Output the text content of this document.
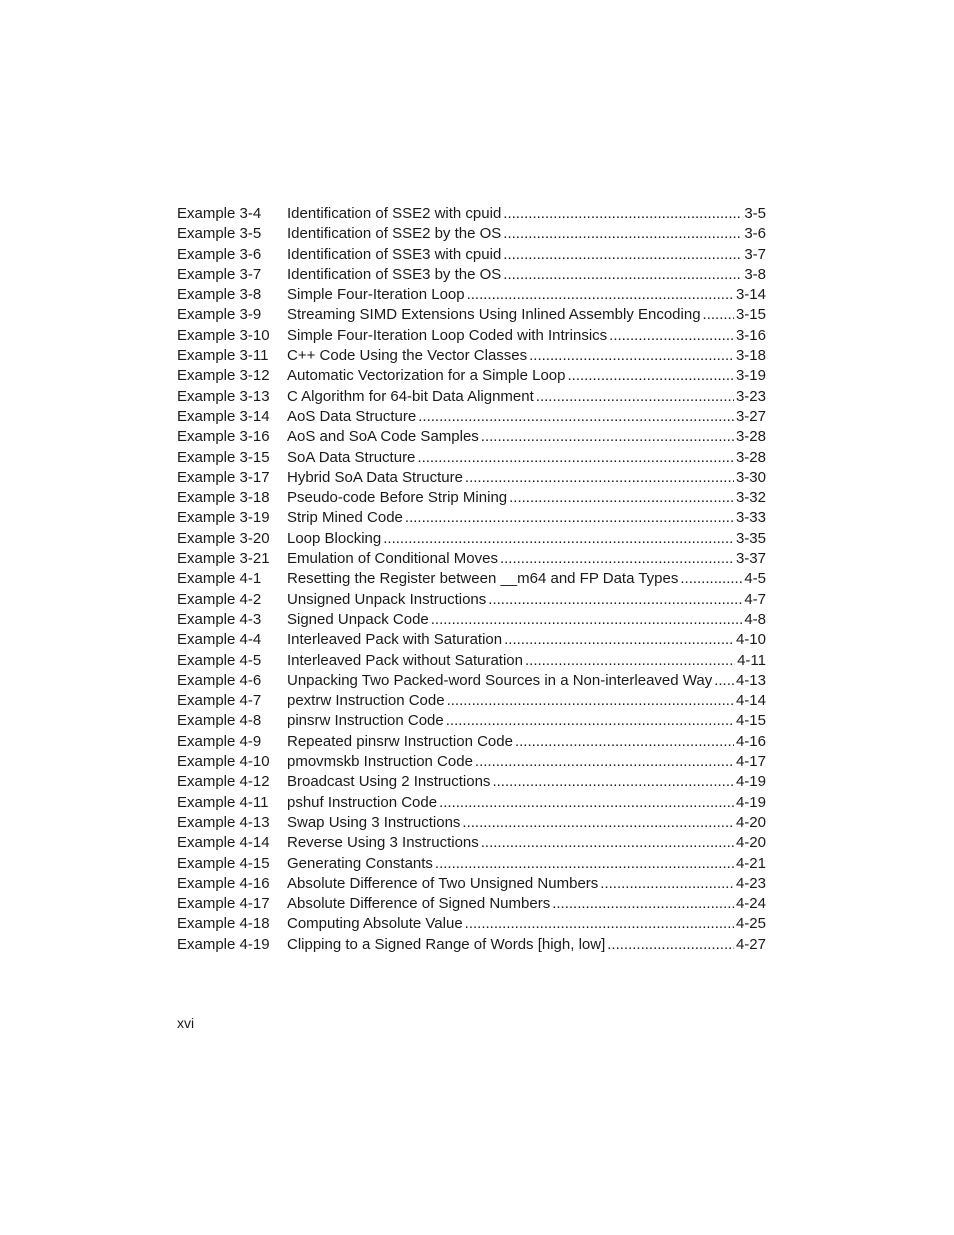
Example 3-4	Identification of SSE2 with cpuid .....	3-5
Example 3-5	Identification of SSE2 by the OS .....	3-6
Example 3-6	Identification of SSE3 with cpuid .....	3-7
Example 3-7	Identification of SSE3 by the OS .....	3-8
Example 3-8	Simple Four-Iteration Loop .....	3-14
Example 3-9	Streaming SIMD Extensions Using Inlined Assembly Encoding ..... 3-15
Example 3-10	Simple Four-Iteration Loop Coded with Intrinsics .....	3-16
Example 3-11	C++ Code Using the Vector Classes .....	3-18
Example 3-12	Automatic Vectorization for a Simple Loop .....	3-19
Example 3-13	C Algorithm for 64-bit Data Alignment .....	3-23
Example 3-14	AoS Data Structure .....	3-27
Example 3-16	AoS and SoA Code Samples .....	3-28
Example 3-15	SoA Data Structure .....	3-28
Example 3-17	Hybrid SoA Data Structure .....	3-30
Example 3-18	Pseudo-code Before Strip Mining .....	3-32
Example 3-19	Strip Mined Code .....	3-33
Example 3-20	Loop Blocking .....	3-35
Example 3-21	Emulation of Conditional Moves .....	3-37
Example 4-1	Resetting the Register between __m64 and FP Data Types .....	4-5
Example 4-2	Unsigned Unpack Instructions .....	4-7
Example 4-3	Signed Unpack Code .....	4-8
Example 4-4	Interleaved Pack with Saturation .....	4-10
Example 4-5	Interleaved Pack without Saturation .....	4-11
Example 4-6	Unpacking Two Packed-word Sources in a Non-interleaved Way ..... 4-13
Example 4-7	pextrw Instruction Code .....	4-14
Example 4-8	pinsrw Instruction Code .....	4-15
Example 4-9	Repeated pinsrw Instruction Code .....	4-16
Example 4-10	pmovmskb Instruction Code .....	4-17
Example 4-12	Broadcast Using 2 Instructions .....	4-19
Example 4-11	pshuf Instruction Code .....	4-19
Example 4-13	Swap Using 3 Instructions .....	4-20
Example 4-14	Reverse Using 3 Instructions .....	4-20
Example 4-15	Generating Constants .....	4-21
Example 4-16	Absolute Difference of Two Unsigned Numbers .....	4-23
Example 4-17	Absolute Difference of Signed Numbers .....	4-24
Example 4-18	Computing Absolute Value .....	4-25
Example 4-19	Clipping to a Signed Range of Words [high, low] .....	4-27
xvi
